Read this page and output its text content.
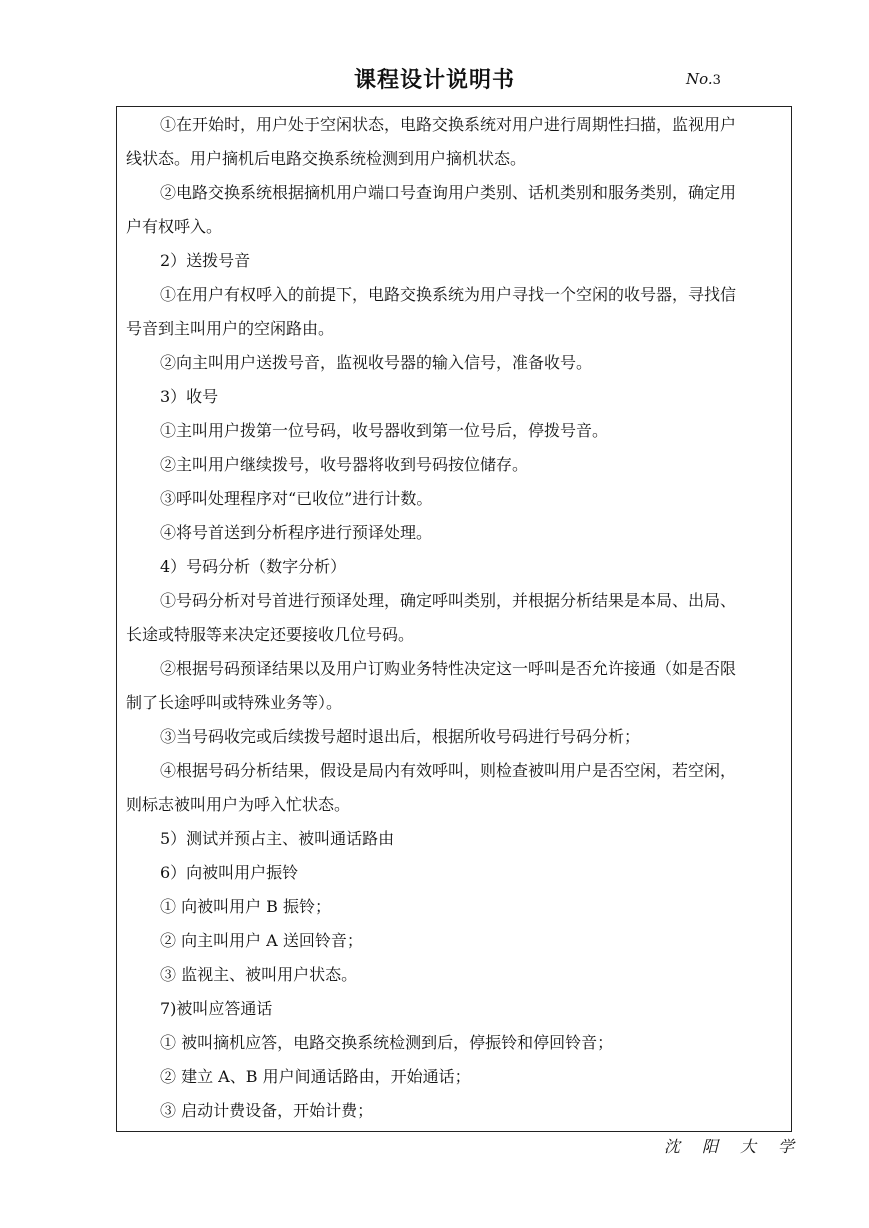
课程设计说明书	No.3
①在开始时，用户处于空闲状态，电路交换系统对用户进行周期性扫描，监视用户
线状态。用户摘机后电路交换系统检测到用户摘机状态。
②电路交换系统根据摘机用户端口号查询用户类别、话机类别和服务类别，确定用
户有权呼入。
2）送拨号音
①在用户有权呼入的前提下，电路交换系统为用户寻找一个空闲的收号器，寻找信
号音到主叫用户的空闲路由。
②向主叫用户送拨号音，监视收号器的输入信号，准备收号。
3）收号
①主叫用户拨第一位号码，收号器收到第一位号后，停拨号音。
②主叫用户继续拨号，收号器将收到号码按位储存。
③呼叫处理程序对“已收位”进行计数。
④将号首送到分析程序进行预译处理。
4）号码分析（数字分析）
①号码分析对号首进行预译处理，确定呼叫类别，并根据分析结果是本局、出局、
长途或特服等来决定还要接收几位号码。
②根据号码预译结果以及用户订购业务特性决定这一呼叫是否允许接通（如是否限
制了长途呼叫或特殊业务等）。
③当号码收完或后续拨号超时退出后，根据所收号码进行号码分析；
④根据号码分析结果，假设是局内有效呼叫，则检查被叫用户是否空闲，若空闲，
则标志被叫用户为呼入忙状态。
5）测试并预占主、被叫通话路由
6）向被叫用户振铃
① 向被叫用户 B 振铃；
② 向主叫用户 A 送回铃音；
③ 监视主、被叫用户状态。
7)被叫应答通话
① 被叫摘机应答，电路交换系统检测到后，停振铃和停回铃音；
② 建立 A、B 用户间通话路由，开始通话；
③ 启动计费设备，开始计费；
沈阳大学
